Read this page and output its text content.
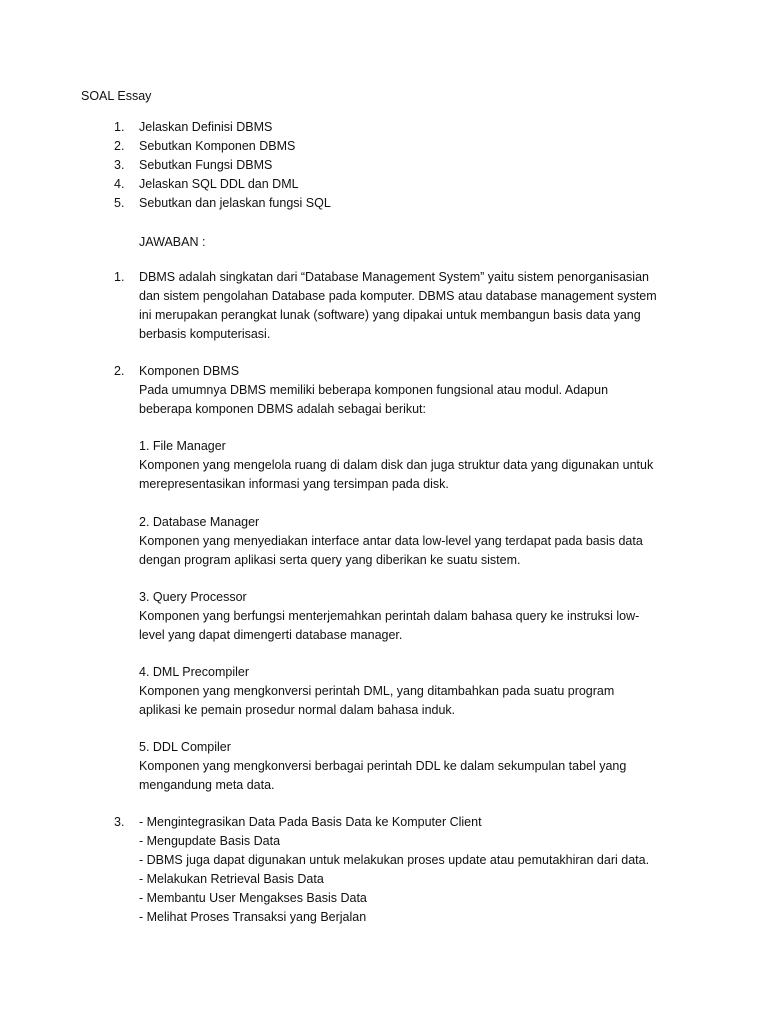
SOAL Essay
1. Jelaskan Definisi DBMS
2. Sebutkan Komponen DBMS
3. Sebutkan Fungsi DBMS
4. Jelaskan SQL DDL dan DML
5. Sebutkan dan jelaskan fungsi SQL
JAWABAN :
1. DBMS adalah singkatan dari “Database Management System” yaitu sistem penorganisasian
dan sistem pengolahan Database pada komputer. DBMS atau database management system
ini merupakan perangkat lunak (software) yang dipakai untuk membangun basis data yang
berbasis komputerisasi.
2. Komponen DBMS
Pada umumnya DBMS memiliki beberapa komponen fungsional atau modul. Adapun
beberapa komponen DBMS adalah sebagai berikut:
1. File Manager
Komponen yang mengelola ruang di dalam disk dan juga struktur data yang digunakan untuk
merepresentasikan informasi yang tersimpan pada disk.
2. Database Manager
Komponen yang menyediakan interface antar data low-level yang terdapat pada basis data
dengan program aplikasi serta query yang diberikan ke suatu sistem.
3. Query Processor
Komponen yang berfungsi menterjemahkan perintah dalam bahasa query ke instruksi low-
level yang dapat dimengerti database manager.
4. DML Precompiler
Komponen yang mengkonversi perintah DML, yang ditambahkan pada suatu program
aplikasi ke pemain prosedur normal dalam bahasa induk.
5. DDL Compiler
Komponen yang mengkonversi berbagai perintah DDL ke dalam sekumpulan tabel yang
mengandung meta data.
3. - Mengintegrasikan Data Pada Basis Data ke Komputer Client
- Mengupdate Basis Data
- DBMS juga dapat digunakan untuk melakukan proses update atau pemutakhiran dari data.
- Melakukan Retrieval Basis Data
- Membantu User Mengakses Basis Data
- Melihat Proses Transaksi yang Berjalan
